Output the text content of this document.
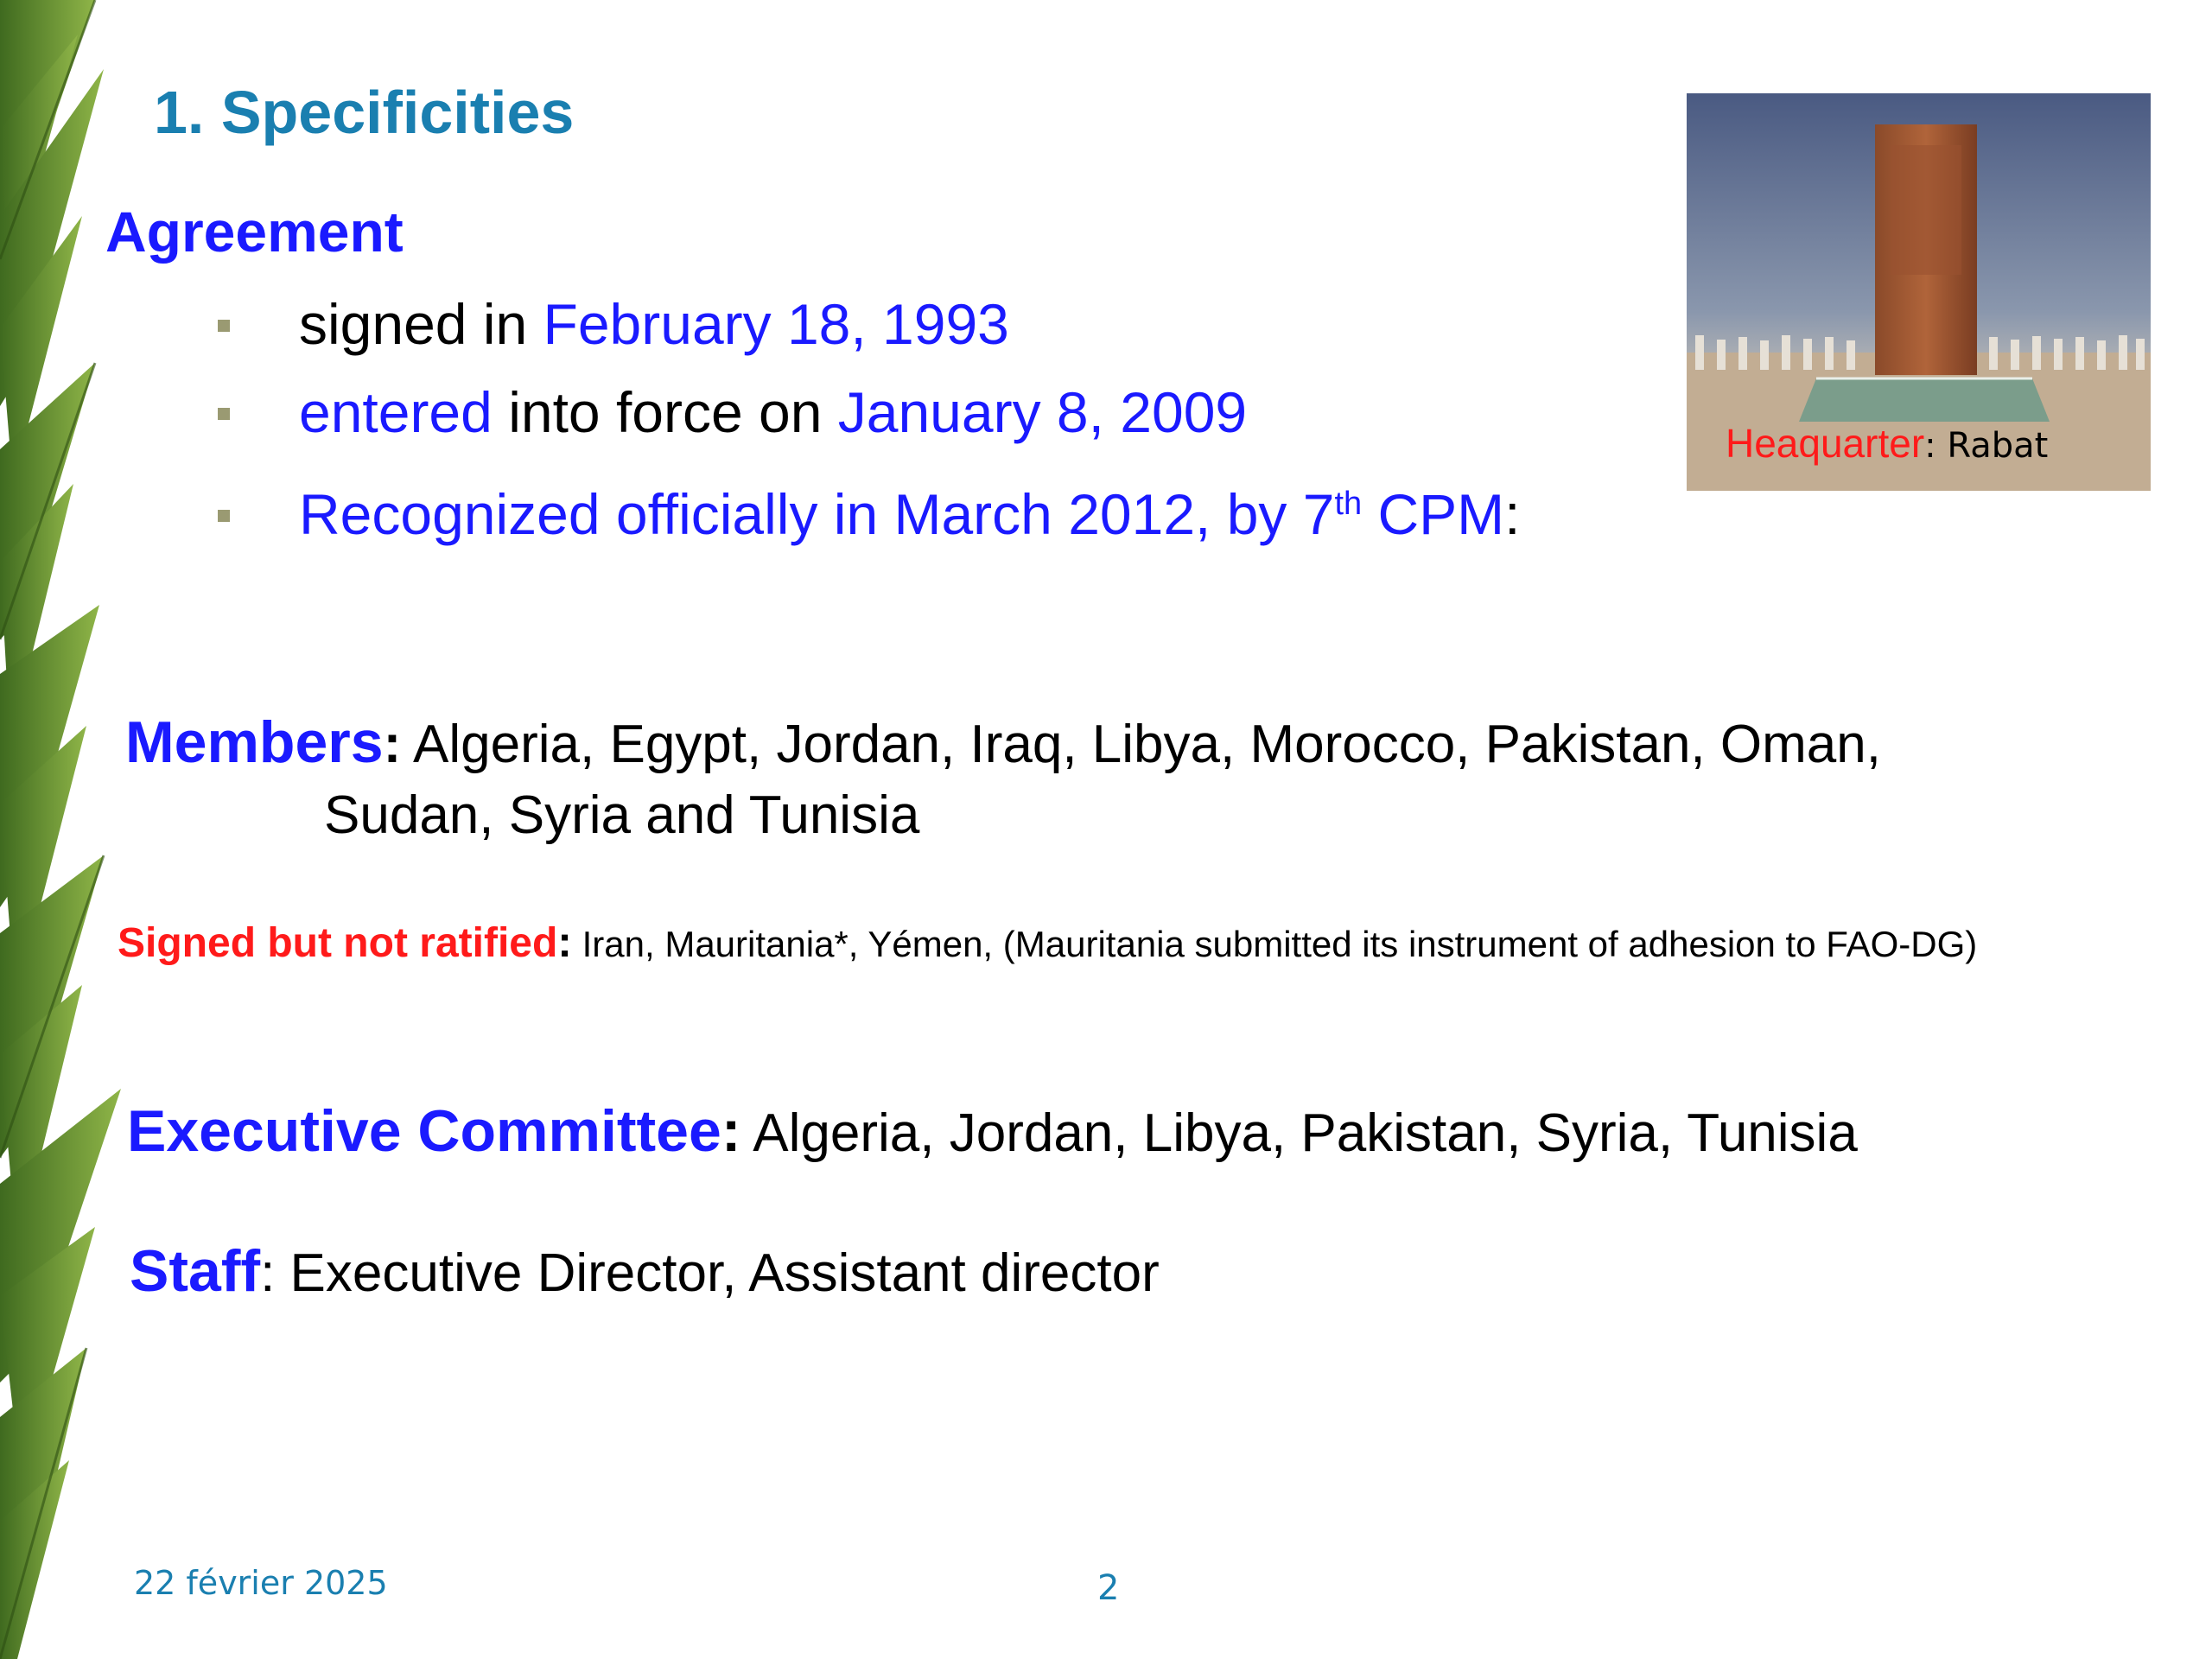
1. Specificities
Agreement
signed in February 18, 1993
entered into force on January 8, 2009
Recognized officially in March 2012, by 7th CPM:
Heaquarter: Rabat
Members: Algeria, Egypt, Jordan, Iraq, Libya, Morocco, Pakistan, Oman,
Sudan, Syria and Tunisia
Signed but not ratified: Iran, Mauritania*, Yémen, (Mauritania submitted its instrument of adhesion to FAO-DG)
Executive Committee: Algeria, Jordan, Libya, Pakistan, Syria, Tunisia
Staff: Executive Director, Assistant director
22 février 2025	2
